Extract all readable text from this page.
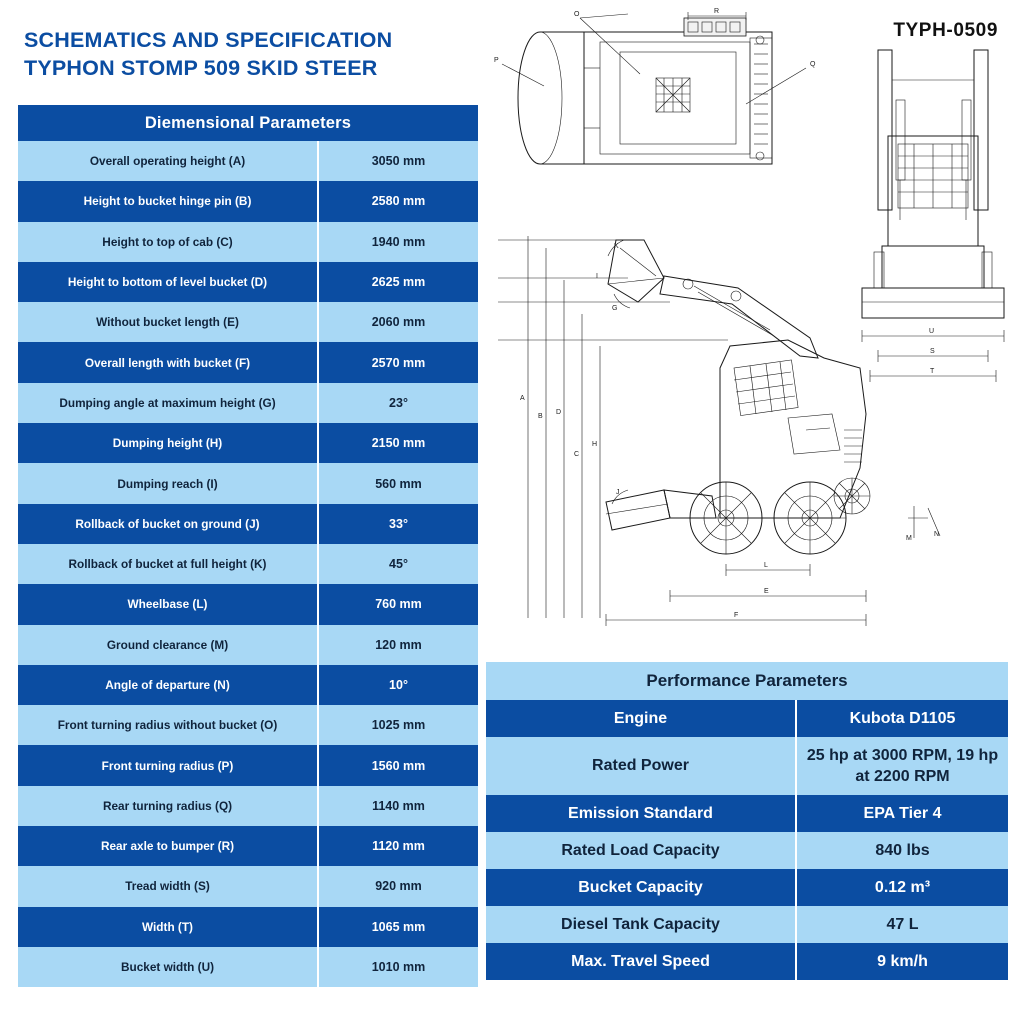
SCHEMATICS AND SPECIFICATION
TYPHON STOMP 509 SKID STEER
TYPH-0509
Diemensional Parameters	
Overall operating height (A)	3050 mm
Height to bucket hinge pin (B)	2580 mm
Height to top of cab (C)	1940 mm
Height to bottom of level bucket (D)	2625 mm
Without bucket length (E)	2060 mm
Overall length with bucket (F)	2570 mm
Dumping angle at maximum height (G)	23°
Dumping height (H)	2150 mm
Dumping reach (I)	560 mm
Rollback of bucket on ground (J)	33°
Rollback of bucket at full height (K)	45°
Wheelbase (L)	760 mm
Ground clearance (M)	120 mm
Angle of departure (N)	10°
Front turning radius without bucket (O)	1025 mm
Front turning radius (P)	1560 mm
Rear turning radius (Q)	1140 mm
Rear axle to bumper (R)	1120 mm
Tread width (S)	920 mm
Width (T)	1065 mm
Bucket width (U)	1010 mm
Performance Parameters	
Engine	Kubota D1105
Rated Power	25 hp at 3000 RPM, 19 hp at 2200 RPM
Emission Standard	EPA Tier 4
Rated Load Capacity	840 lbs
Bucket Capacity	0.12 m³
Diesel Tank Capacity	47 L
Max. Travel Speed	9 km/h
O
Q
P
R
U
S
T
A
B
C
D
H
L
E
F
K
G
I
J
M
N
